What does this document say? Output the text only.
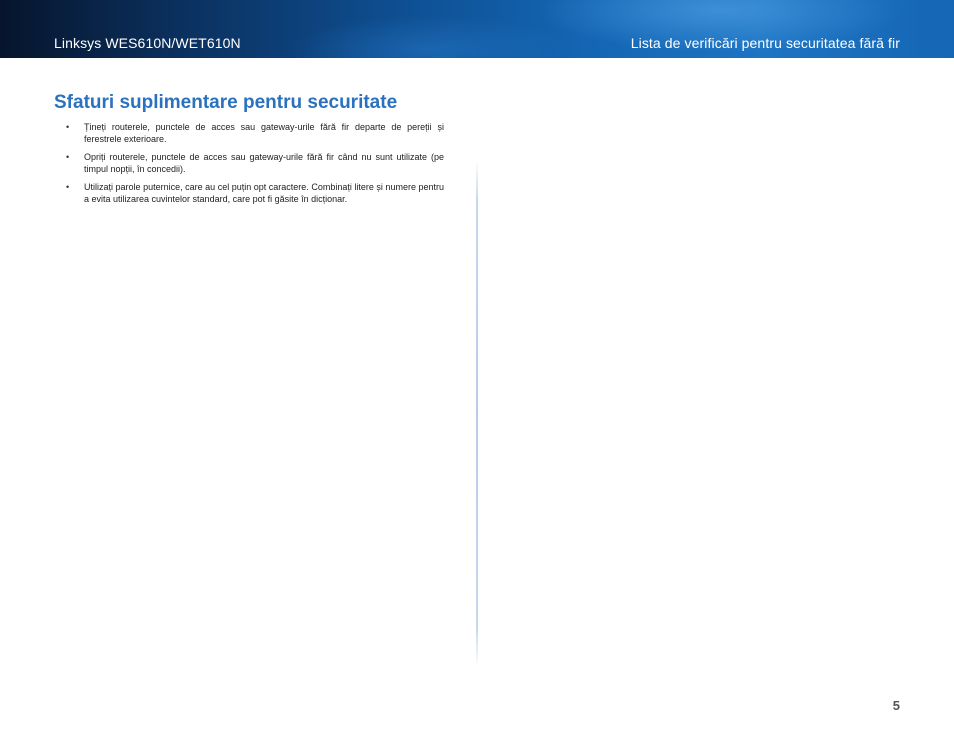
Linksys WES610N/WET610N	Lista de verificări pentru securitatea fără fir
Sfaturi suplimentare pentru securitate
• Țineți routerele, punctele de acces sau gateway-urile fără fir departe de pereții și ferestrele exterioare.
• Opriți routerele, punctele de acces sau gateway-urile fără fir când nu sunt utilizate (pe timpul nopții, în concedii).
• Utilizați parole puternice, care au cel puțin opt caractere. Combinați litere și numere pentru a evita utilizarea cuvintelor standard, care pot fi găsite în dicționar.
5
